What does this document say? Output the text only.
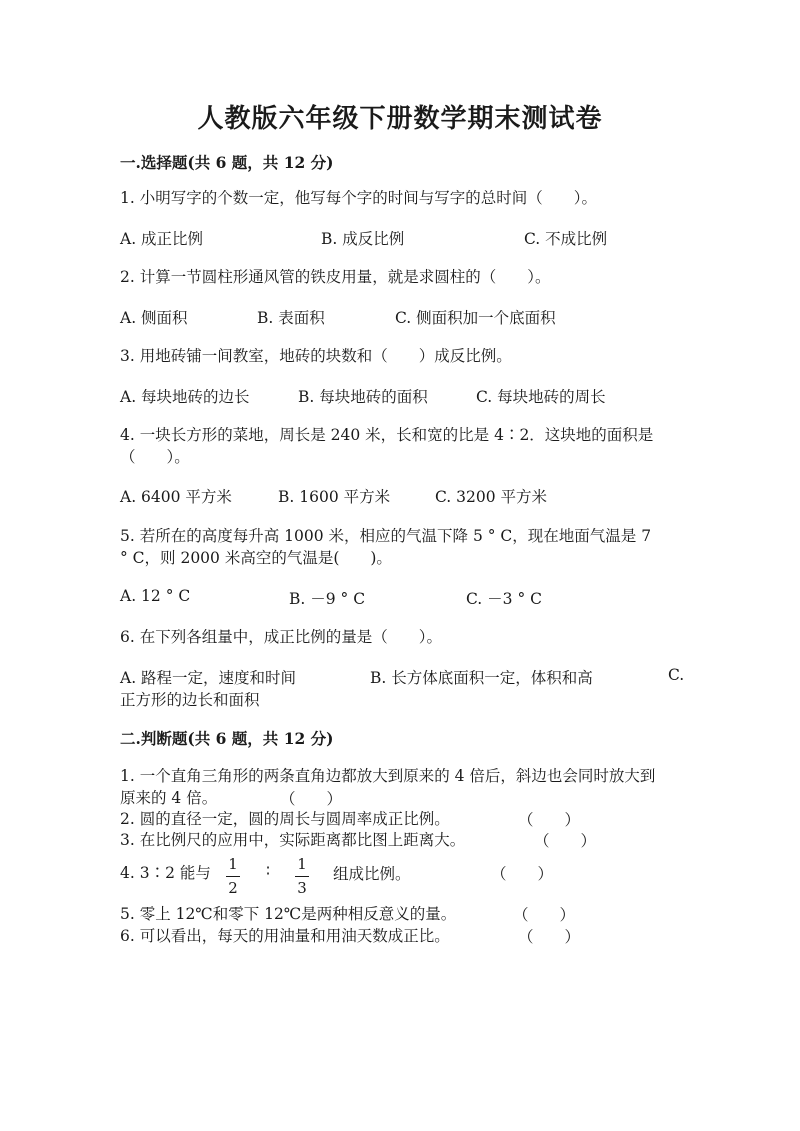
人教版六年级下册数学期末测试卷
一.选择题(共 6 题，共 12 分)
1. 小明写字的个数一定，他写每个字的时间与写字的总时间（　　）。
A. 成正比例	B. 成反比例	C. 不成比例
2. 计算一节圆柱形通风管的铁皮用量，就是求圆柱的（　　）。
A. 侧面积	B. 表面积	C. 侧面积加一个底面积
3. 用地砖铺一间教室，地砖的块数和（　　）成反比例。
A. 每块地砖的边长	B. 每块地砖的面积	C. 每块地砖的周长
4. 一块长方形的菜地，周长是 240 米，长和宽的比是 4∶2．这块地的面积是
（　　）。
A. 6400 平方米	B. 1600 平方米	C. 3200 平方米
5. 若所在的高度每升高 1000 米，相应的气温下降 5 ° C，现在地面气温是 7
° C，则 2000 米高空的气温是(　　)。
A. 12 ° C	B. －9 ° C	C. －3 ° C
6. 在下列各组量中，成正比例的量是（　　）。
A. 路程一定，速度和时间	B. 长方体底面积一定，体积和高	C.
正方形的边长和面积
二.判断题(共 6 题，共 12 分)
1. 一个直角三角形的两条直角边都放大到原来的 4 倍后，斜边也会同时放大到
原来的 4 倍。	（　　）
2. 圆的直径一定，圆的周长与圆周率成正比例。	（　　）
3. 在比例尺的应用中，实际距离都比图上距离大。	（　　）
4. 3∶2 能与 1
2
∶ 1
3
组成比例。	（　　）
5. 零上 12℃和零下 12℃是两种相反意义的量。	（　　）
6. 可以看出，每天的用油量和用油天数成正比。	（　　）
